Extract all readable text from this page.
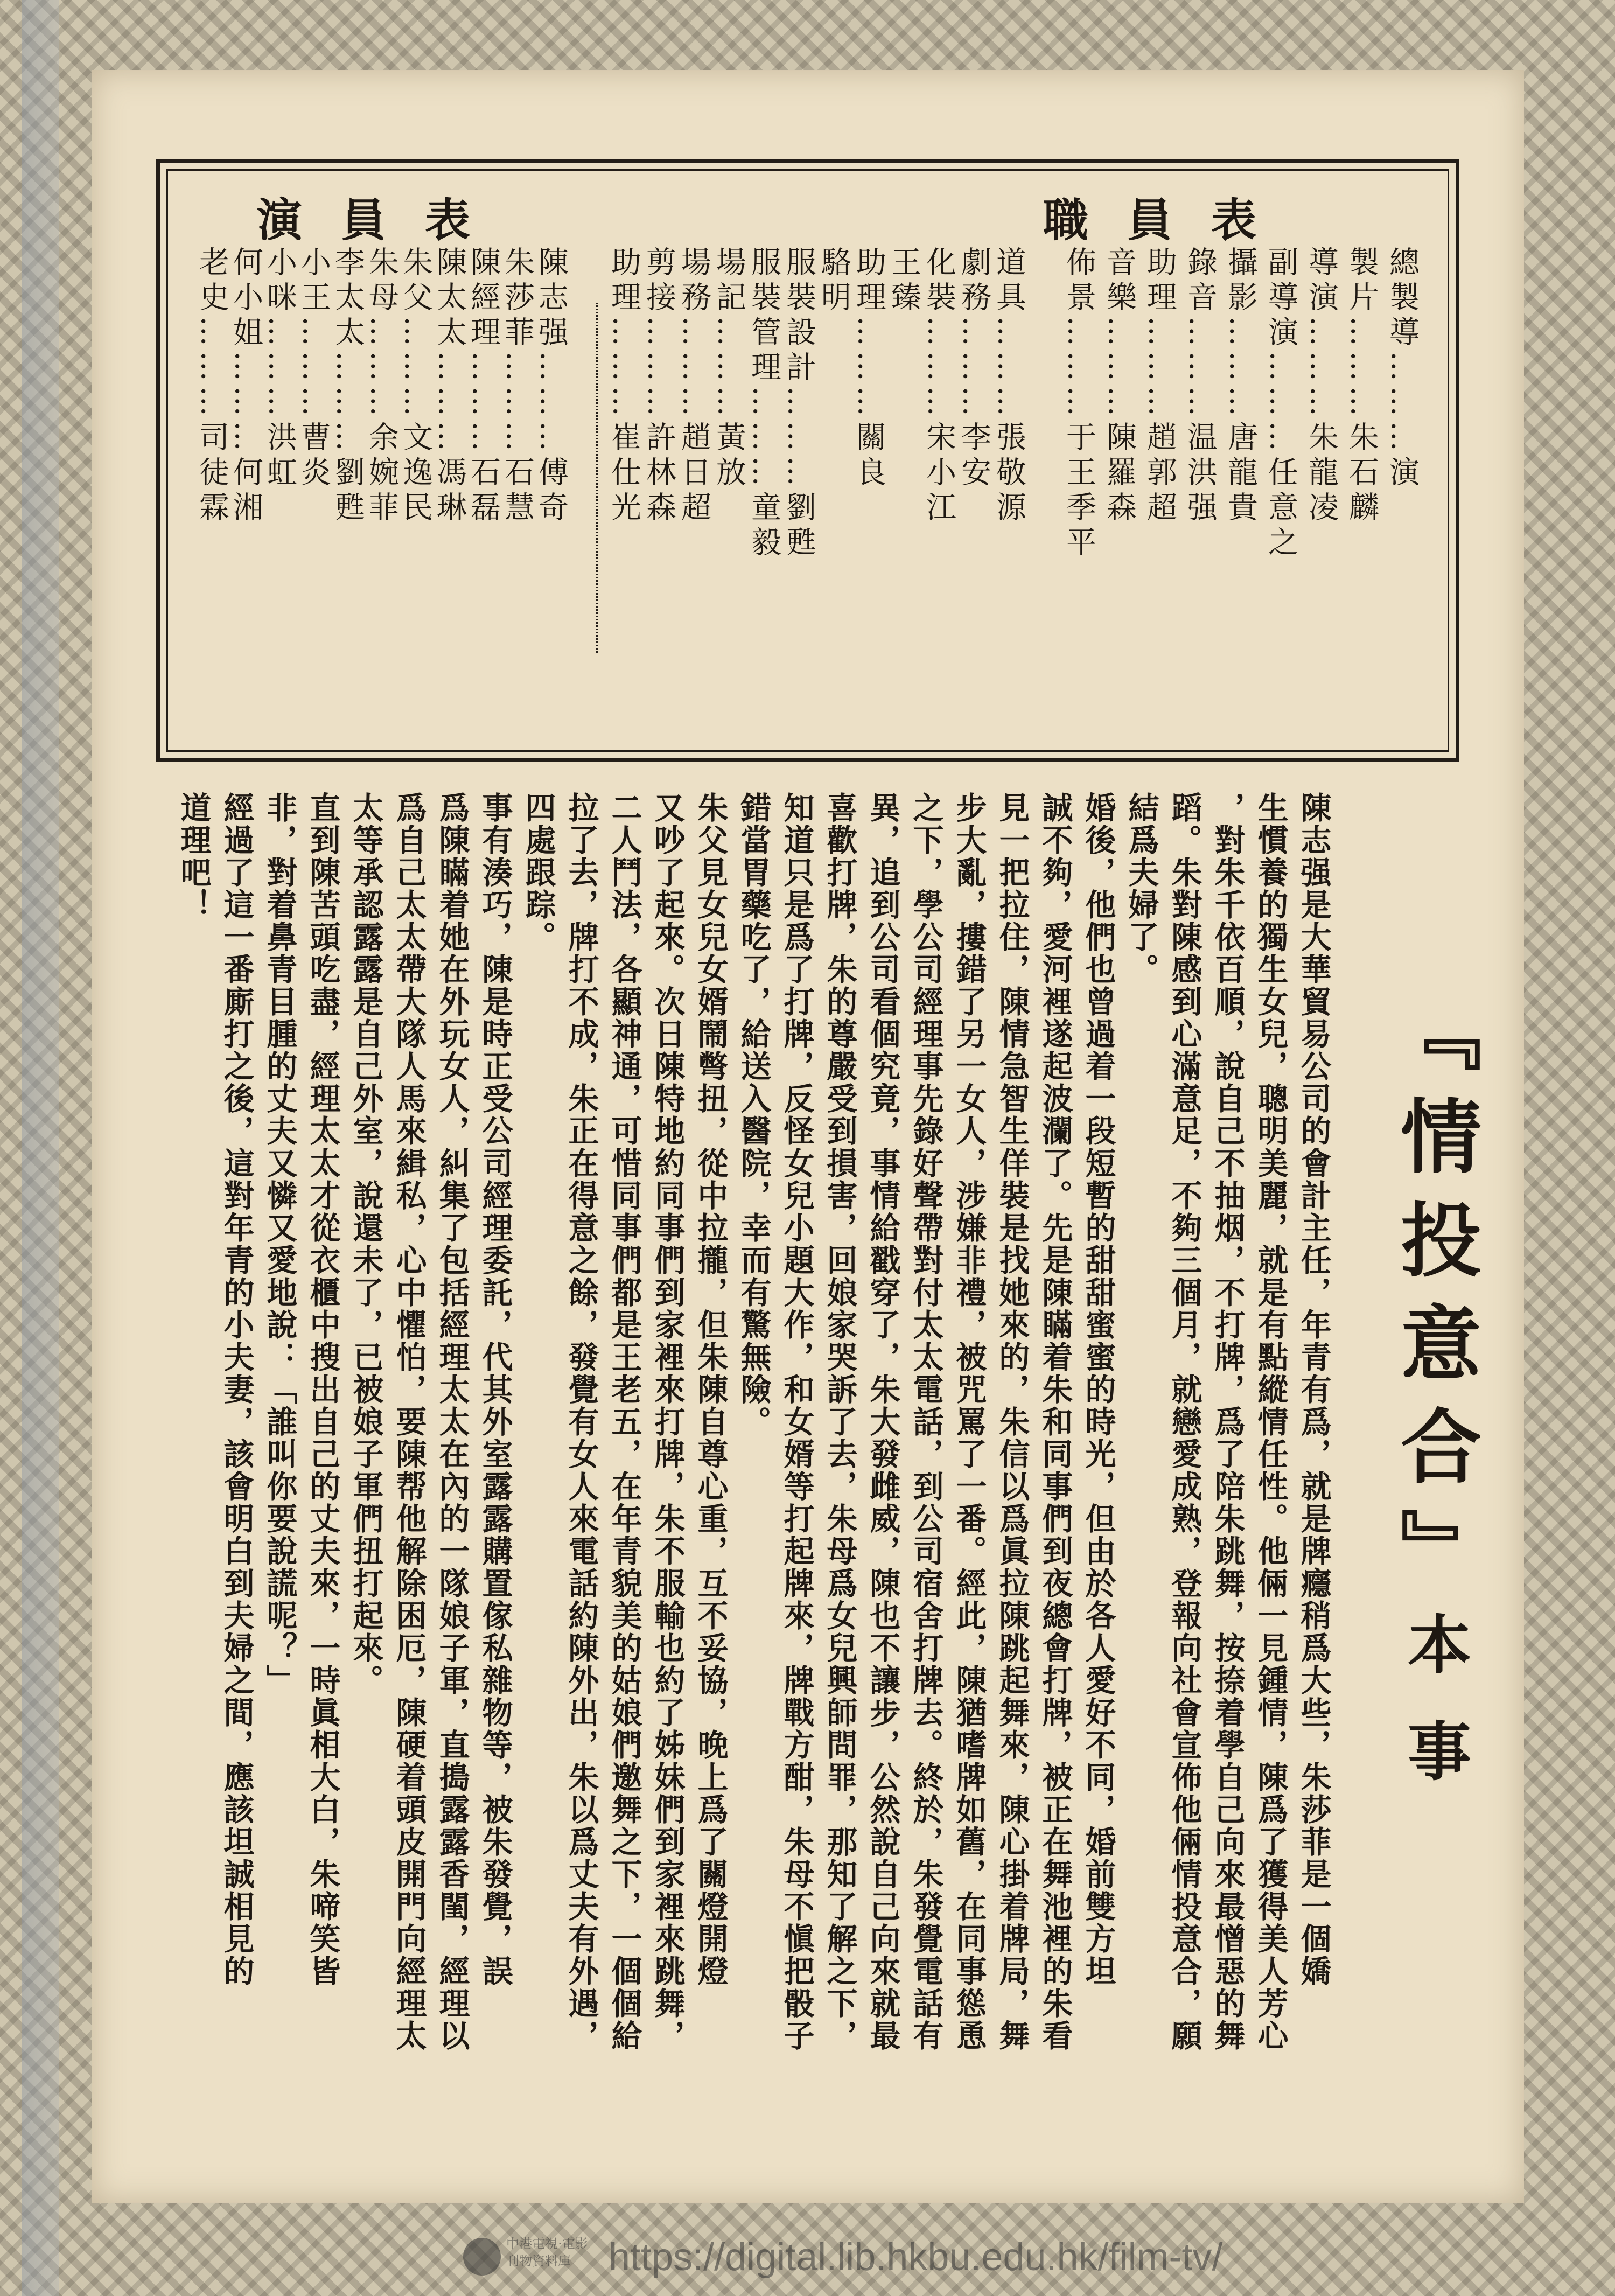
職員表
演員表
總製導………演
製片………朱石麟
導演………朱龍凌
副導演………任意之
攝影………唐龍貴
錄音………温洪强
助理………趙郭超
音樂………陳羅森
佈景………于王季平
道具………張敬源
劇務………李安
化裝………宋小江
王臻
助理………關良
駱明
服裝設計………劉甦
服裝管理………童毅
場記………黃放
場務………趙日超
剪接………許林森
助理………崔仕光
陳志强………傅奇
朱莎菲………石慧
陳經理………石磊
陳太太………馮琳
朱父………文逸民
朱母………余婉菲
李太太………劉甦
小王………曹炎
小咪………洪虹
何小姐………何湘
老史………司徒霖
『情投意合』本事
陳志强是大華貿易公司的會計主任，年青有爲，就是牌癮稍爲大些，朱莎菲是一個嬌
生慣養的獨生女兒，聰明美麗，就是有點縱情任性。他倆一見鍾情，陳爲了獲得美人芳心
，對朱千依百順，說自己不抽烟，不打牌，爲了陪朱跳舞，按捺着學自己向來最憎惡的舞
蹈。朱對陳感到心滿意足，不夠三個月，就戀愛成熟，登報向社會宣佈他倆情投意合，願
結爲夫婦了。
婚後，他們也曾過着一段短暫的甜甜蜜蜜的時光，但由於各人愛好不同，婚前雙方坦
誠不夠，愛河裡遂起波瀾了。先是陳瞞着朱和同事們到夜總會打牌，被正在舞池裡的朱看
見一把拉住，陳情急智生佯裝是找她來的，朱信以爲眞拉陳跳起舞來，陳心掛着牌局，舞
步大亂，摟錯了另一女人，涉嫌非禮，被咒罵了一番。經此，陳猶嗜牌如舊，在同事慫恿
之下，學公司經理事先錄好聲帶對付太太電話，到公司宿舍打牌去。終於，朱發覺電話有
異，追到公司看個究竟，事情給戳穿了，朱大發雌威，陳也不讓步，公然說自己向來就最
喜歡打牌，朱的尊嚴受到損害，回娘家哭訴了去，朱母爲女兒興師問罪，那知了解之下，
知道只是爲了打牌，反怪女兒小題大作，和女婿等打起牌來，牌戰方酣，朱母不愼把骰子
錯當胃藥吃了，給送入醫院，幸而有驚無險。
朱父見女兒女婿鬧彆扭，從中拉攏，但朱陳自尊心重，互不妥協，晚上爲了關燈開燈
又吵了起來。次日陳特地約同事們到家裡來打牌，朱不服輸也約了姊妹們到家裡來跳舞，
二人鬥法，各顯神通，可惜同事們都是王老五，在年青貌美的姑娘們邀舞之下，一個個給
拉了去，牌打不成，朱正在得意之餘，發覺有女人來電話約陳外出，朱以爲丈夫有外遇，
四處跟踪。
事有湊巧，陳是時正受公司經理委託，代其外室露露購置傢私雜物等，被朱發覺，誤
爲陳瞞着她在外玩女人，糾集了包括經理太太在內的一隊娘子軍，直搗露露香閨，經理以
爲自己太太帶大隊人馬來緝私，心中懼怕，要陳帮他解除困厄，陳硬着頭皮開門向經理太
太等承認露露是自己外室，說還未了，已被娘子軍們扭打起來。
直到陳苦頭吃盡，經理太太才從衣櫃中搜出自己的丈夫來，一時眞相大白，朱啼笑皆
非，對着鼻青目腫的丈夫又憐又愛地說：「誰叫你要說謊呢？」
經過了這一番廝打之後，這對年青的小夫妻，該會明白到夫婦之間，應該坦誠相見的
道理吧！
中港電視·電影 刊物資料庫 https://digital.lib.hkbu.edu.hk/film-tv/
